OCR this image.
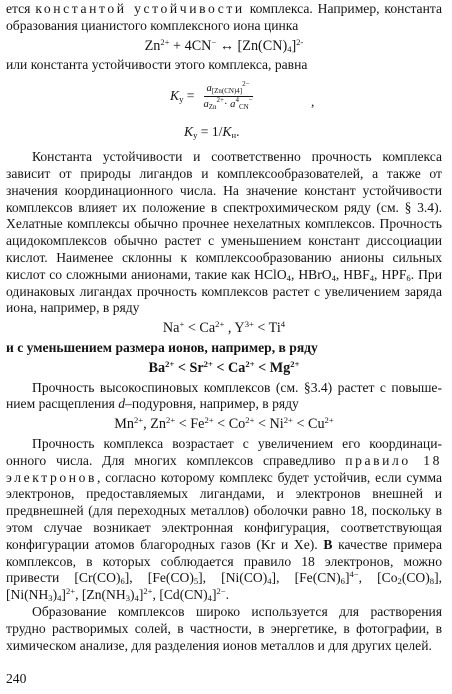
ется константой устойчивости комплекса. Например, константа образования цианистого комплексного иона цинка

$Zn^{2+} + 4CN^-$ ↔ $[Zn(CN)_4]^{2-}$

или константа устойчивости этого комплекса, равна

$K_у = \frac{a_{[Zn(CN)4]}^{2-}}{a_{Zn}^{2+}\cdot a^4_{CN}^-}$	,
$K_у = 1/K_н$.

Константа устойчивости и соответственно прочность комплекса зависит от природы лигандов и комплексообразователей, а также от значения координационного числа. На значение констант устойчивости комплексов влияет их положение в спектрохимическом ряду (см. § 3.4). Хелатные комплексы обычно прочнее нехелатных комплексов. Прочность ацидокомплексов обычно растет с уменьшением констант диссоциации кислот. Наименее склонны к комплексообразованию анионы сильных кислот со сложными анионами, такие как HClO$_4$, HBrO$_4$, $HBF_4$, $HPF_6$. При одинаковых лигандах прочность комплексов растет с увеличением заряда иона, например, в ряду

$Na^+ < Ca^{2+}$ , $Y^{3+} < Ti^4$

и с уменьшением размера ионов, например, в ряду

$Ba^{2+} < Sr^{2+} < Ca^{2+} < Mg^{2+}$

Прочность высокоспиновых комплексов (см. §3.4) растет с повышением расщепления d–подуровня, например, в ряду

$Mn^{2+}$, $Zn^{2+} < Fe^{2+} < Co^{2+} < Ni^{2+} < Cu^{2+}$

Прочность комплекса возрастает с увеличением его координационного числа. Для многих комплексов справедливо правило 18 электронов, согласно которому комплекс будет устойчив, если сумма электронов, предоставляемых лигандами, и электронов внешней и предвнешней (для переходных металлов) оболочки равно 18, поскольку в этом случае возникает электронная конфигурация, соответствующая конфигурации атомов благородных газов (Kr и Xe). В качестве примера комплексов, в которых соблюдается правило 18 электронов, можно привести $[Cr(CO)_6]$, $[Fe(CO)_5]$, $[Ni(CO)_4]$, $[Fe(CN)_6]^{4-}$, $[Co_2(CO)_8]$, $[Ni(NH_3)_4]^{2+}$, $[Zn(NH_3)_4]^{2+}$, $[Cd(CN)_4]^{2-}$.

Образование комплексов широко используется для растворения трудно растворимых солей, в частности, в энергетике, в фотографии, в химическом анализе, для разделения ионов металлов и для других целей.

240
